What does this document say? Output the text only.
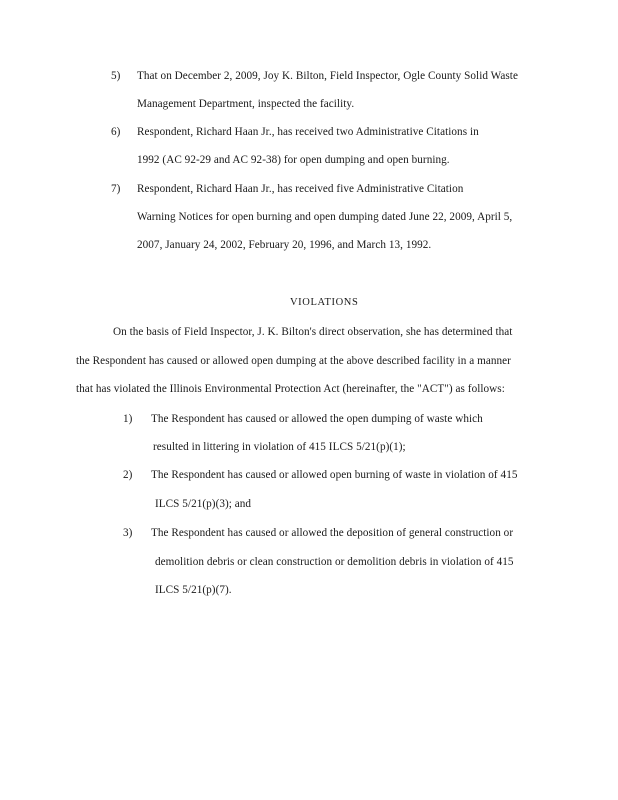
5) That on December 2, 2009, Joy K. Bilton, Field Inspector, Ogle County Solid Waste
Management Department, inspected the facility.
6) Respondent, Richard Haan Jr., has received two Administrative Citations in
1992 (AC 92-29 and AC 92-38) for open dumping and open burning.
7) Respondent, Richard Haan Jr., has received five Administrative Citation
Warning Notices for open burning and open dumping dated June 22, 2009, April 5,
2007, January 24, 2002, February 20, 1996, and March 13, 1992.
VIOLATIONS
On the basis of Field Inspector, J. K. Bilton's direct observation, she has determined that
the Respondent has caused or allowed open dumping at the above described facility in a manner
that has violated the Illinois Environmental Protection Act (hereinafter, the "ACT") as follows:
1) The Respondent has caused or allowed the open dumping of waste which
resulted in littering in violation of 415 ILCS 5/21(p)(1);
2) The Respondent has caused or allowed open burning of waste in violation of 415
ILCS 5/21(p)(3); and
3) The Respondent has caused or allowed the deposition of general construction or
demolition debris or clean construction or demolition debris in violation of 415
ILCS 5/21(p)(7).
